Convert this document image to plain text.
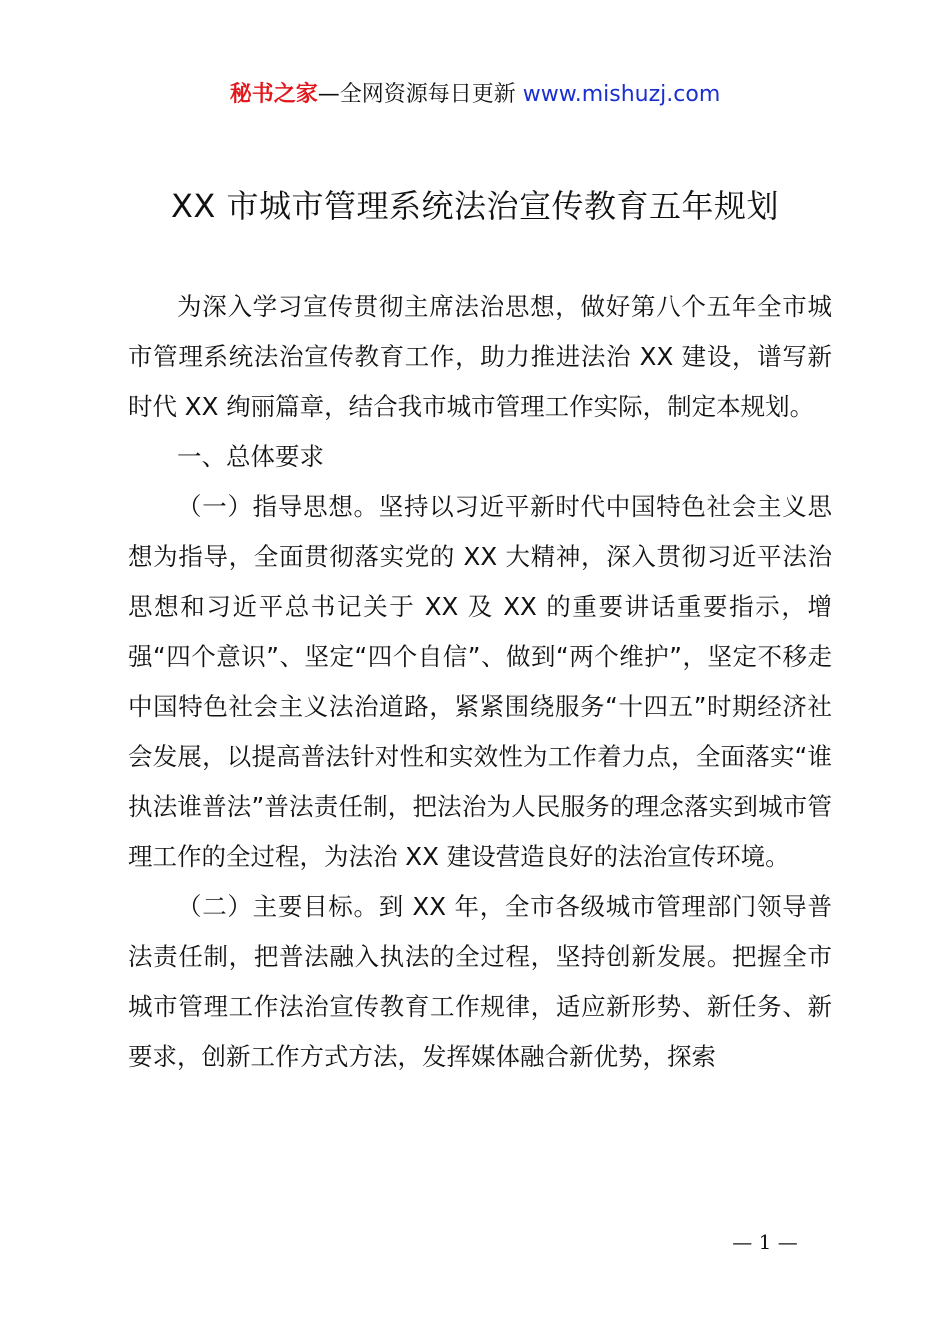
秘书之家—全网资源每日更新 www.mishuzj.com
XX 市城市管理系统法治宣传教育五年规划

为深入学习宣传贯彻主席法治思想，做好第八个五年全市城市管理系统法治宣传教育工作，助力推进法治 XX 建设，谱写新时代 XX 绚丽篇章，结合我市城市管理工作实际，制定本规划。

一、总体要求

（一）指导思想。坚持以习近平新时代中国特色社会主义思想为指导，全面贯彻落实党的 XX 大精神，深入贯彻习近平法治思想和习近平总书记关于 XX 及 XX 的重要讲话重要指示，增强“四个意识”、坚定“四个自信”、做到“两个维护”，坚定不移走中国特色社会主义法治道路，紧紧围绕服务“十四五”时期经济社会发展，以提高普法针对性和实效性为工作着力点，全面落实“谁执法谁普法”普法责任制，把法治为人民服务的理念落实到城市管理工作的全过程，为法治 XX 建设营造良好的法治宣传环境。

（二）主要目标。到 XX 年，全市各级城市管理部门领导普法责任制，把普法融入执法的全过程，坚持创新发展。把握全市城市管理工作法治宣传教育工作规律，适应新形势、新任务、新要求，创新工作方式方法，发挥媒体融合新优势，探索

— 1 —
